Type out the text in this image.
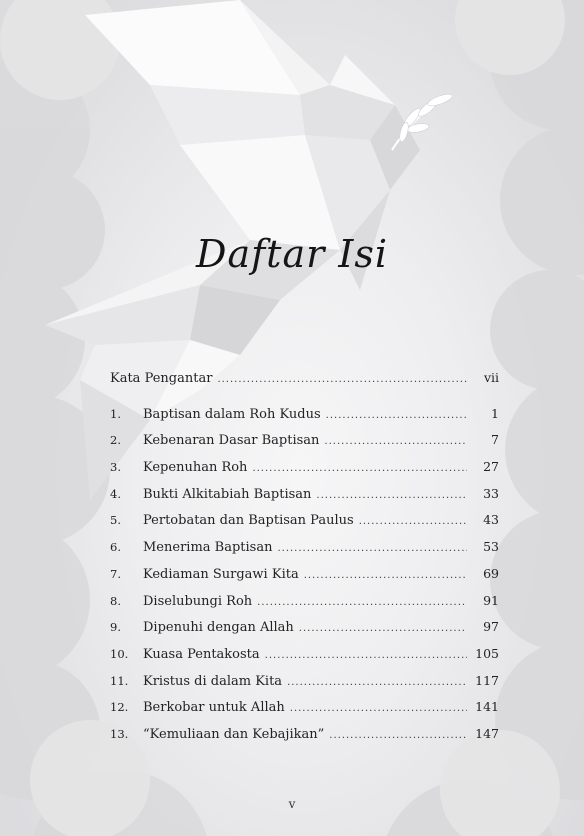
Daftar Isi
Kata Pengantar .....	vii
1.	Baptisan dalam Roh Kudus .....	1
2.	Kebenaran Dasar Baptisan .....	7
3.	Kepenuhan Roh .....	27
4.	Bukti Alkitabiah Baptisan .....	33
5.	Pertobatan dan Baptisan Paulus .....	43
6.	Menerima Baptisan .....	53
7.	Kediaman Surgawi Kita .....	69
8.	Diselubungi Roh .....	91
9.	Dipenuhi dengan Allah .....	97
10.	Kuasa Pentakosta .....	105
11.	Kristus di dalam Kita .....	117
12.	Berkobar untuk Allah .....	141
13.	“Kemuliaan dan Kebajikan” .....	147
v
